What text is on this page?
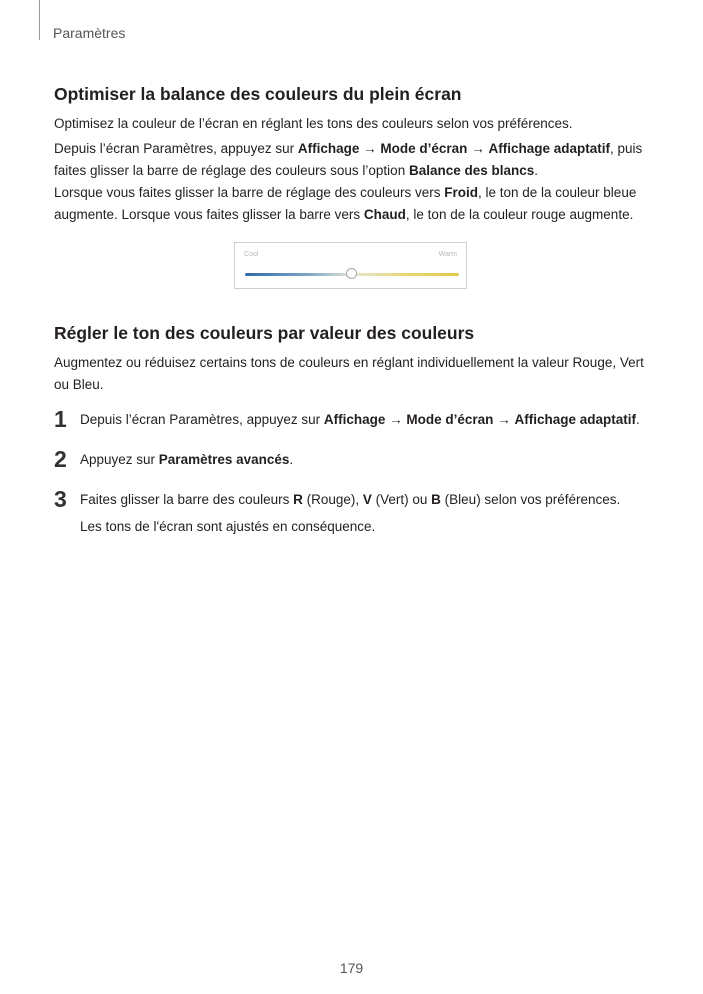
Paramètres
Optimiser la balance des couleurs du plein écran

Optimisez la couleur de l’écran en réglant les tons des couleurs selon vos préférences.

Depuis l’écran Paramètres, appuyez sur Affichage → Mode d’écran → Affichage adaptatif, puis faites glisser la barre de réglage des couleurs sous l’option Balance des blancs.

Lorsque vous faites glisser la barre de réglage des couleurs vers Froid, le ton de la couleur bleue augmente. Lorsque vous faites glisser la barre vers Chaud, le ton de la couleur rouge augmente.

Régler le ton des couleurs par valeur des couleurs

Augmentez ou réduisez certains tons de couleurs en réglant individuellement la valeur Rouge, Vert ou Bleu.

Cool	Warm
1 Depuis l’écran Paramètres, appuyez sur Affichage → Mode d’écran → Affichage adaptatif.
2 Appuyez sur Paramètres avancés.
3 Faites glisser la barre des couleurs R (Rouge), V (Vert) ou B (Bleu) selon vos préférences.
Les tons de l'écran sont ajustés en conséquence.
179
